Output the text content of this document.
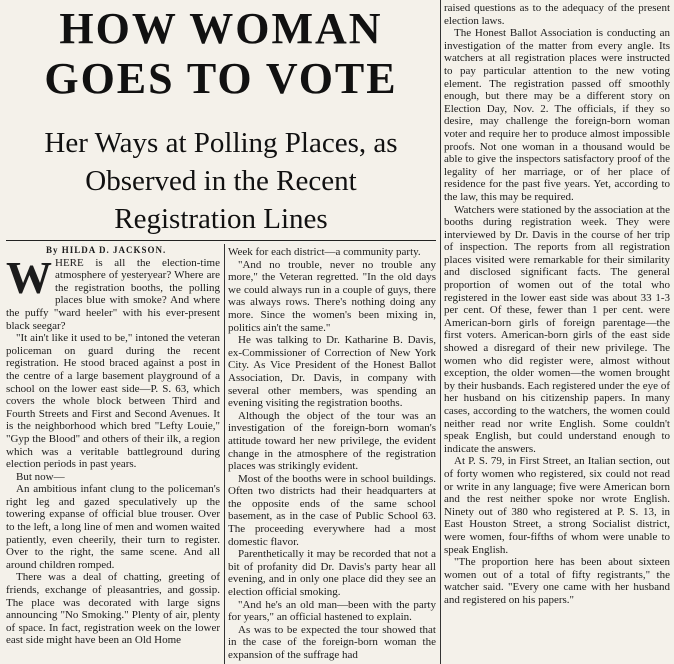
HOW WOMAN
GOES TO VOTE
Her Ways at Polling Places, as
Observed in the Recent
Registration Lines

By HILDA D. JACKSON.

WHERE is all the election-time atmosphere of yesteryear? Where are the registration booths, the polling places blue with smoke? And where the puffy "ward heeler" with his ever-present black seegar?

"It ain't like it used to be," intoned the veteran policeman on guard during the recent registration. He stood braced against a post in the centre of a large basement playground of a school on the lower east side—P. S. 63, which covers the whole block between Third and Fourth Streets and First and Second Avenues. It is the neighborhood which bred "Lefty Louie," "Gyp the Blood" and others of their ilk, a region which was a veritable battleground during election periods in past years.

But now—

An ambitious infant clung to the policeman's right leg and gazed speculatively up the towering expanse of official blue trouser. Over to the left, a long line of men and women waited patiently, even cheerily, their turn to register. Over to the right, the same scene. And all around children romped.

There was a deal of chatting, greeting of friends, exchange of pleasantries, and gossip. The place was decorated with large signs announcing "No Smoking." Plenty of air, plenty of space. In fact, registration week on the lower east side might have been an Old Home

Week for each district—a community party.

"And no trouble, never no trouble any more," the Veteran regretted. "In the old days we could always run in a couple of guys, there was always rows. There's nothing doing any more. Since the women's been mixing in, politics ain't the same."

He was talking to Dr. Katharine B. Davis, ex-Commissioner of Correction of New York City. As Vice President of the Honest Ballot Association, Dr. Davis, in company with several other members, was spending an evening visiting the registration booths.

Although the object of the tour was an investigation of the foreign-born woman's attitude toward her new privilege, the evident change in the atmosphere of the registration places was strikingly evident.

Most of the booths were in school buildings. Often two districts had their headquarters at the opposite ends of the same school basement, as in the case of Public School 63. The proceeding everywhere had a most domestic flavor.

Parenthetically it may be recorded that not a bit of profanity did Dr. Davis's party hear all evening, and in only one place did they see an election official smoking.

"And he's an old man—been with the party for years," an official hastened to explain.

As was to be expected the tour showed that in the case of the foreign-born woman the expansion of the suffrage had

raised questions as to the adequacy of the present election laws.

The Honest Ballot Association is conducting an investigation of the matter from every angle. Its watchers at all registration places were instructed to pay particular attention to the new voting element. The registration passed off smoothly enough, but there may be a different story on Election Day, Nov. 2. The officials, if they so desire, may challenge the foreign-born woman voter and require her to produce almost impossible proofs. Not one woman in a thousand would be able to give the inspectors satisfactory proof of the legality of her marriage, or of her place of residence for the past five years. Yet, according to the law, this may be required.

Watchers were stationed by the association at the booths during registration week. They were interviewed by Dr. Davis in the course of her trip of inspection. The reports from all registration places visited were remarkable for their similarity and disclosed significant facts. The general proportion of women out of the total who registered in the lower east side was about 33 1-3 per cent. Of these, fewer than 1 per cent. were American-born girls of foreign parentage—the first voters. American-born girls of the east side showed a disregard of their new privilege. The women who did register were, almost without exception, the older women—the women brought by their husbands. Each registered under the eye of her husband on his citizenship papers. In many cases, according to the watchers, the women could neither read nor write English. Some couldn't speak English, but could understand enough to indicate the answers.

At P. S. 79, in First Street, an Italian section, out of forty women who registered, six could not read or write in any language; five were American born and the rest neither spoke nor wrote English. Ninety out of 380 who registered at P. S. 13, in East Houston Street, a strong Socialist district, were women, four-fifths of whom were unable to speak English.

"The proportion here has been about sixteen women out of a total of fifty registrants," the watcher said. "Every one came with her husband and registered on his papers."
